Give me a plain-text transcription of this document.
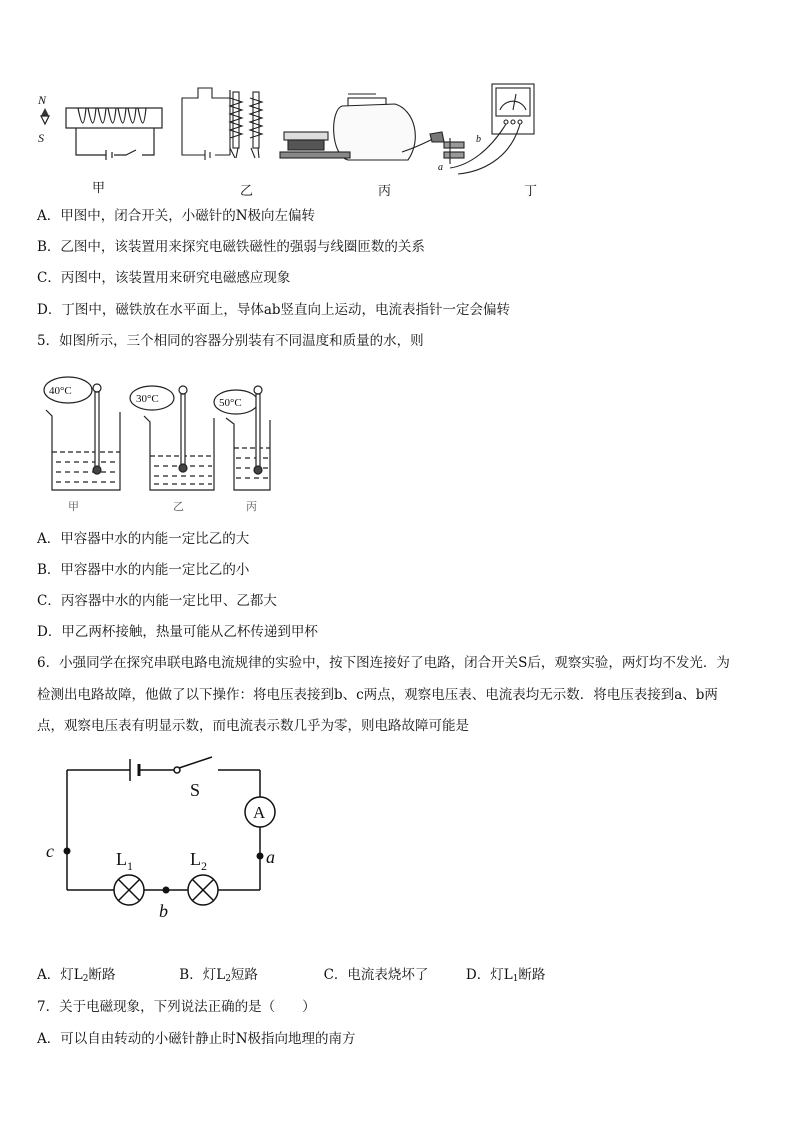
N
S
a
b
甲	乙	丙	丁
A．甲图中，闭合开关，小磁针的N极向左偏转
B．乙图中，该装置用来探究电磁铁磁性的强弱与线圈匝数的关系
C．丙图中，该装置用来研究电磁感应现象
D．丁图中，磁铁放在水平面上，导体ab竖直向上运动，电流表指针一定会偏转
5．如图所示，三个相同的容器分别装有不同温度和质量的水，则
40°C
30°C	50°C
甲	乙	丙
A．甲容器中水的内能一定比乙的大
B．甲容器中水的内能一定比乙的小
C．丙容器中水的内能一定比甲、乙都大
D．甲乙两杯接触，热量可能从乙杯传递到甲杯
6．小强同学在探究串联电路电流规律的实验中，按下图连接好了电路，闭合开关S后，观察实验，两灯均不发光．为
检测出电路故障，他做了以下操作：将电压表接到b、c两点，观察电压表、电流表均无示数．将电压表接到a、b两
点，观察电压表有明显示数，而电流表示数几乎为零，则电路故障可能是
A
S
c	a
b
$L_1$	$L_2$
A．灯$L_2$断路	B．灯$L_2$短路	C．电流表烧坏了	D．灯$L_1$断路
7．关于电磁现象，下列说法正确的是（　　）
A．可以自由转动的小磁针静止时N极指向地理的南方
